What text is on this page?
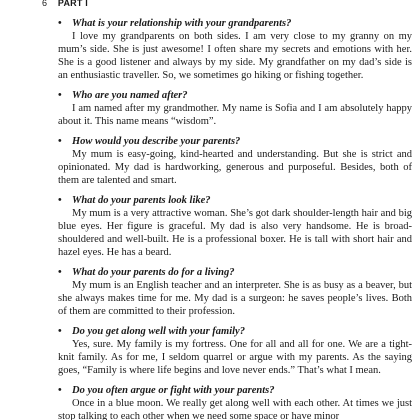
6 PART I
• What is your relationship with your grandparents?

I love my grandparents on both sides. I am very close to my granny on my mum’s side. She is just awesome! I often share my secrets and emotions with her. She is a good listener and always by my side. My grandfather on my dad’s side is an enthusiastic traveller. So, we sometimes go hiking or fishing together.

• Who are you named after?

I am named after my grandmother. My name is Sofia and I am absolutely happy about it. This name means “wisdom”.

• How would you describe your parents?

My mum is easy-going, kind-hearted and understanding. But she is strict and opinionated. My dad is hardworking, generous and purposeful. Besides, both of them are talented and smart.

• What do your parents look like?

My mum is a very attractive woman. She’s got dark shoulder-length hair and big blue eyes. Her figure is graceful. My dad is also very handsome. He is broad-shouldered and well-built. He is a professional boxer. He is tall with short hair and hazel eyes. He has a beard.

• What do your parents do for a living?

My mum is an English teacher and an interpreter. She is as busy as a beaver, but she always makes time for me. My dad is a surgeon: he saves people’s lives. Both of them are committed to their profession.

• Do you get along well with your family?

Yes, sure. My family is my fortress. One for all and all for one. We are a tight-knit family. As for me, I seldom quarrel or argue with my parents. As the saying goes, “Family is where life begins and love never ends.” That’s what I mean.

• Do you often argue or fight with your parents?

Once in a blue moon. We really get along well with each other. At times we just stop talking to each other when we need some space or have minor
